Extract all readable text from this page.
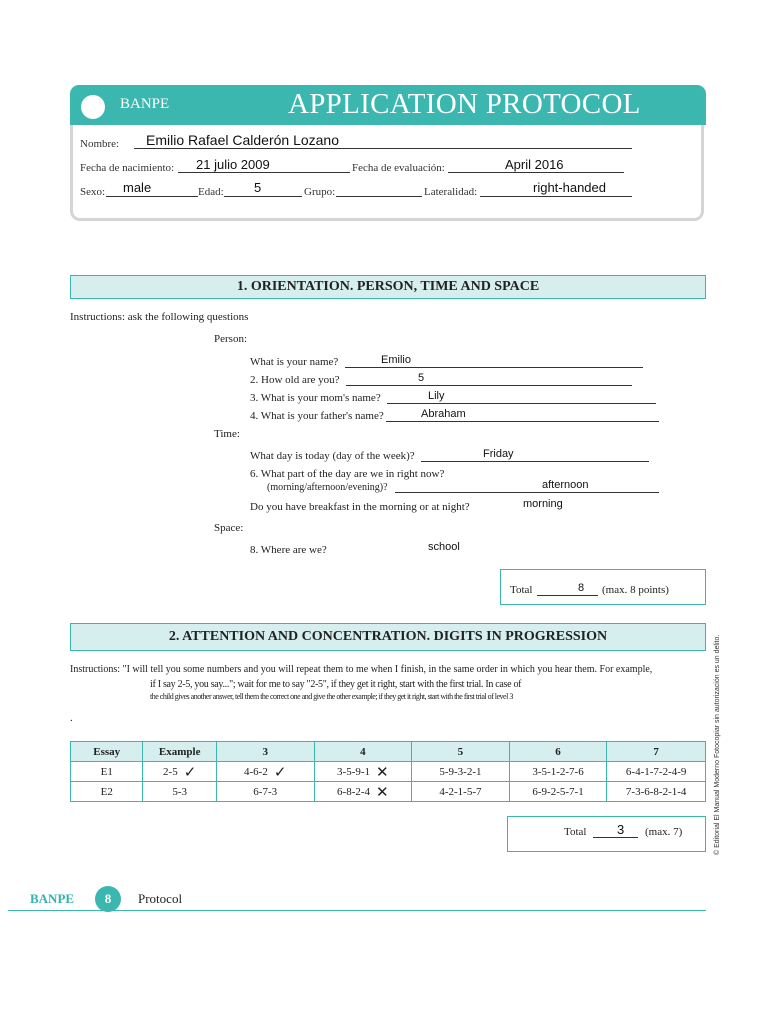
BANPE	APPLICATION PROTOCOL
Nombre: Emilio Rafael Calderón Lozano
Fecha de nacimiento: 21 julio 2009	Fecha de evaluación:	April 2016
Sexo: male	Edad: 5	Grupo:	Lateralidad:	right-handed
1. ORIENTATION. PERSON, TIME AND SPACE
Instructions: ask the following questions
Person:
What is your name?	Emilio
2. How old are you?	5
3. What is your mom's name?	Lily
4. What is your father's name?	Abraham
Time:
What day is today (day of the week)?	Friday
6. What part of the day are we in right now?
(morning/afternoon/evening)?	afternoon
Do you have breakfast in the morning or at night?	morning
Space:
8. Where are we?	school
Total	8 (max. 8 points)
2. ATTENTION AND CONCENTRATION. DIGITS IN PROGRESSION
Instructions: "I will tell you some numbers and you will repeat them to me when I finish, in the same order in which you hear them. For example,
if I say 2-5, you say..."; wait for me to say "2-5", if they get it right, start with the first trial. In case of
the child gives another answer, tell them the correct one and give the other example; if they get it right, start with the first trial of level 3
.
Essay	Example	3	4	5	6	7
E1	2-5 ✓	4-6-2 ✓	3-5-9-1 ✕	5-9-3-2-1	3-5-1-2-7-6	6-4-1-7-2-4-9
E2	5-3	6-7-3	6-8-2-4 ✕	4-2-1-5-7	6-9-2-5-7-1	7-3-6-8-2-1-4
Total 3 (max. 7)	© Editorial El Manual Moderno Fotocopiar sin autorización es un delito.
BANPE	8	Protocol
